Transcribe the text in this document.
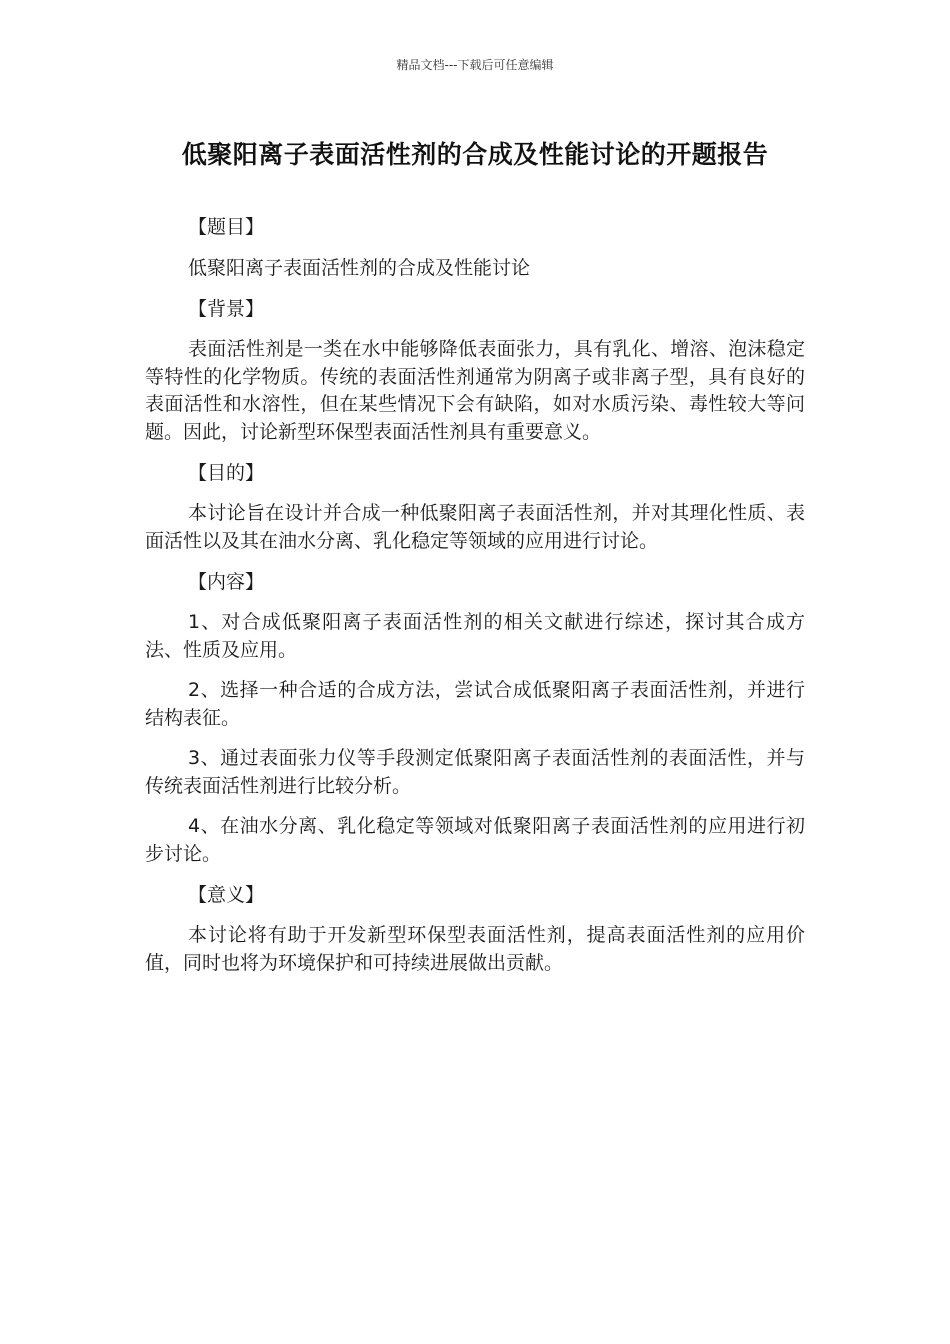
精品文档---下载后可任意编辑
低聚阳离子表面活性剂的合成及性能讨论的开题报告
【题目】
低聚阳离子表面活性剂的合成及性能讨论
【背景】

表面活性剂是一类在水中能够降低表面张力，具有乳化、增溶、泡沫稳定等特性的化学物质。传统的表面活性剂通常为阴离子或非离子型，具有良好的表面活性和水溶性，但在某些情况下会有缺陷，如对水质污染、毒性较大等问题。因此，讨论新型环保型表面活性剂具有重要意义。

【目的】

本讨论旨在设计并合成一种低聚阳离子表面活性剂，并对其理化性质、表面活性以及其在油水分离、乳化稳定等领域的应用进行讨论。

【内容】

1、对合成低聚阳离子表面活性剂的相关文献进行综述，探讨其合成方法、性质及应用。

2、选择一种合适的合成方法，尝试合成低聚阳离子表面活性剂，并进行结构表征。

3、通过表面张力仪等手段测定低聚阳离子表面活性剂的表面活性，并与传统表面活性剂进行比较分析。

4、在油水分离、乳化稳定等领域对低聚阳离子表面活性剂的应用进行初步讨论。

【意义】

本讨论将有助于开发新型环保型表面活性剂，提高表面活性剂的应用价值，同时也将为环境保护和可持续进展做出贡献。
